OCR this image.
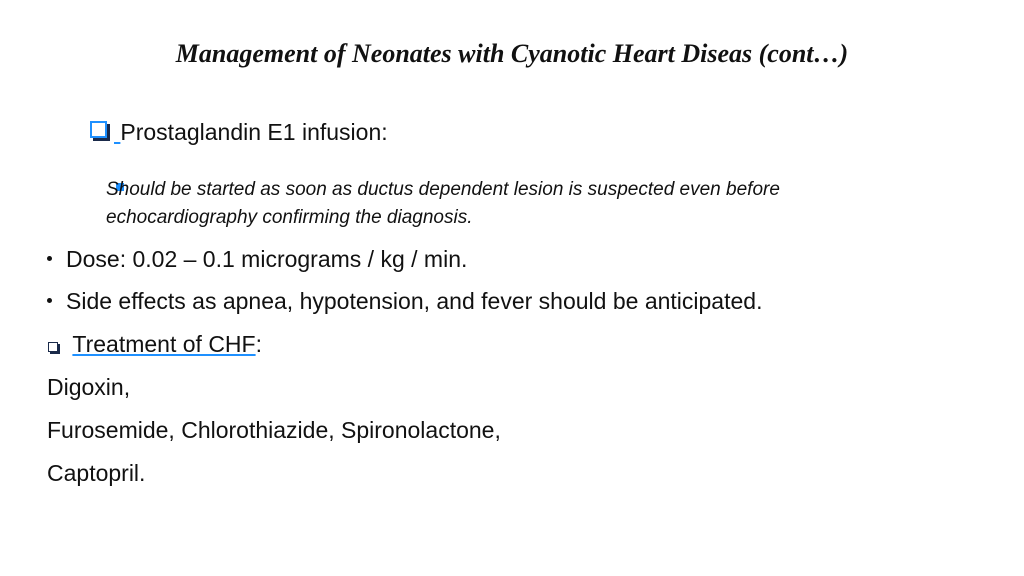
Management of Neonates with Cyanotic Heart Diseas (cont…)
Prostaglandin E1 infusion:
Should be started as soon as ductus dependent lesion is suspected even before
echocardiography confirming the diagnosis.
Dose: 0.02 – 0.1 micrograms / kg / min.
Side effects as apnea, hypotension, and fever should be anticipated.
Treatment of CHF:
Digoxin,
Furosemide, Chlorothiazide, Spironolactone,
Captopril.
